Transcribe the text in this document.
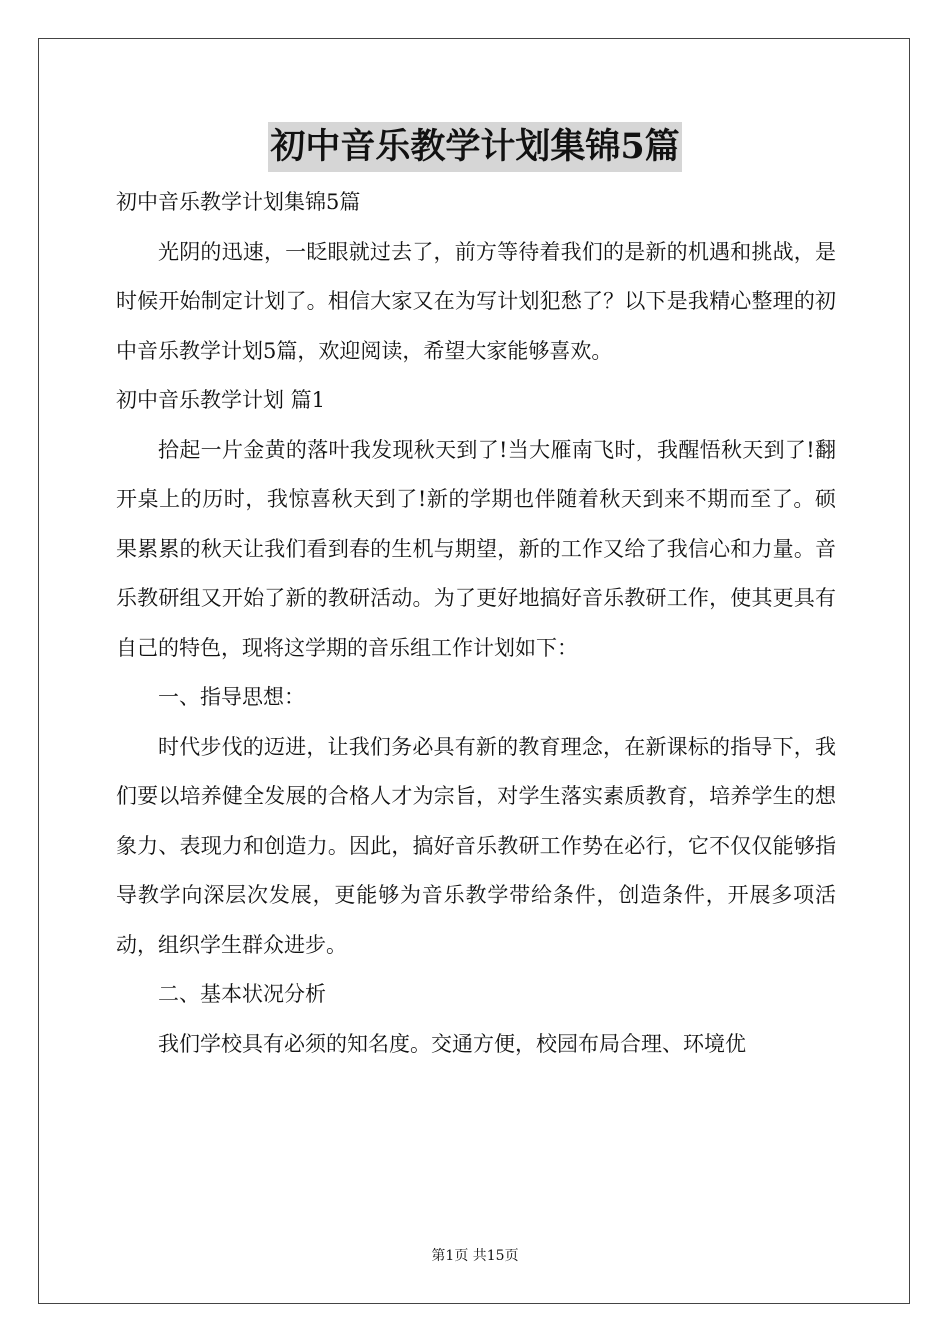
初中音乐教学计划集锦5篇

初中音乐教学计划集锦5篇

光阴的迅速，一眨眼就过去了，前方等待着我们的是新的机遇和挑战，是时候开始制定计划了。相信大家又在为写计划犯愁了？以下是我精心整理的初中音乐教学计划5篇，欢迎阅读，希望大家能够喜欢。

初中音乐教学计划 篇1

拾起一片金黄的落叶我发现秋天到了!当大雁南飞时，我醒悟秋天到了!翻开桌上的历时，我惊喜秋天到了!新的学期也伴随着秋天到来不期而至了。硕果累累的秋天让我们看到春的生机与期望，新的工作又给了我信心和力量。音乐教研组又开始了新的教研活动。为了更好地搞好音乐教研工作，使其更具有自己的特色，现将这学期的音乐组工作计划如下：

一、指导思想：

时代步伐的迈进，让我们务必具有新的教育理念，在新课标的指导下，我们要以培养健全发展的合格人才为宗旨，对学生落实素质教育，培养学生的想象力、表现力和创造力。因此，搞好音乐教研工作势在必行，它不仅仅能够指导教学向深层次发展，更能够为音乐教学带给条件，创造条件，开展多项活动，组织学生群众进步。

二、基本状况分析

我们学校具有必须的知名度。交通方便，校园布局合理、环境优

第1页 共15页
